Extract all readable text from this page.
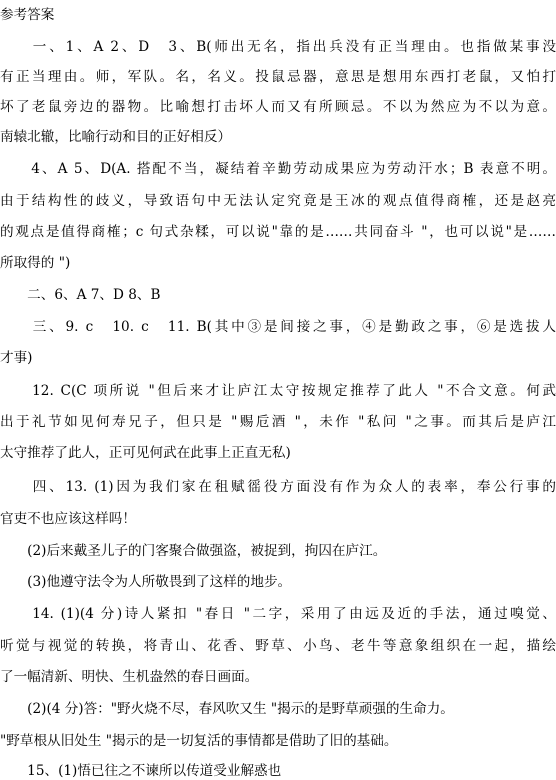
参考答案
　　一、1、A 2、D　3、B(师出无名，指出兵没有正当理由。也指做某事没
有正当理由。师，军队。名，名义。投鼠忌器，意思是想用东西打老鼠，又怕打
坏了老鼠旁边的器物。比喻想打击坏人而又有所顾忌。不以为然应为不以为意。
南辕北辙，比喻行动和目的正好相反）
　　4、A 5、D(A. 搭配不当，凝结着辛勤劳动成果应为劳动汗水；B 表意不明。
由于结构性的歧义，导致语句中无法认定究竟是王冰的观点值得商榷，还是赵亮
的观点是值得商榷；c 句式杂糅，可以说"靠的是……共同奋斗 "，也可以说"是……
所取得的 ")
　　二、6、A 7、D 8、B
　　三、9. c　10. c　11. B(其中③是间接之事，④是勤政之事，⑥是选拔人
才事)
　　12. C(C 项所说 "但后来才让庐江太守按规定推荐了此人 "不合文意。何武
出于礼节如见何寿兄子，但只是 "赐卮酒 "，未作 "私问 "之事。而其后是庐江
太守推荐了此人，正可见何武在此事上正直无私)
　　四、13. (1)因为我们家在租赋徭役方面没有作为众人的表率，奉公行事的
官吏不也应该这样吗！
　　(2)后来戴圣儿子的门客聚合做强盗，被捉到，拘囚在庐江。
　　(3)他遵守法令为人所敬畏到了这样的地步。
　　14. (1)(4 分)诗人紧扣 "春日 "二字，采用了由远及近的手法，通过嗅觉、
听觉与视觉的转换，将青山、花香、野草、小鸟、老牛等意象组织在一起，描绘
了一幅清新、明快、生机盎然的春日画面。
　　(2)(4 分)答："野火烧不尽，春风吹又生 "揭示的是野草顽强的生命力。
"野草根从旧处生 "揭示的是一切复活的事情都是借助了旧的基础。
　　15、(1)悟已往之不谏所以传道受业解惑也
